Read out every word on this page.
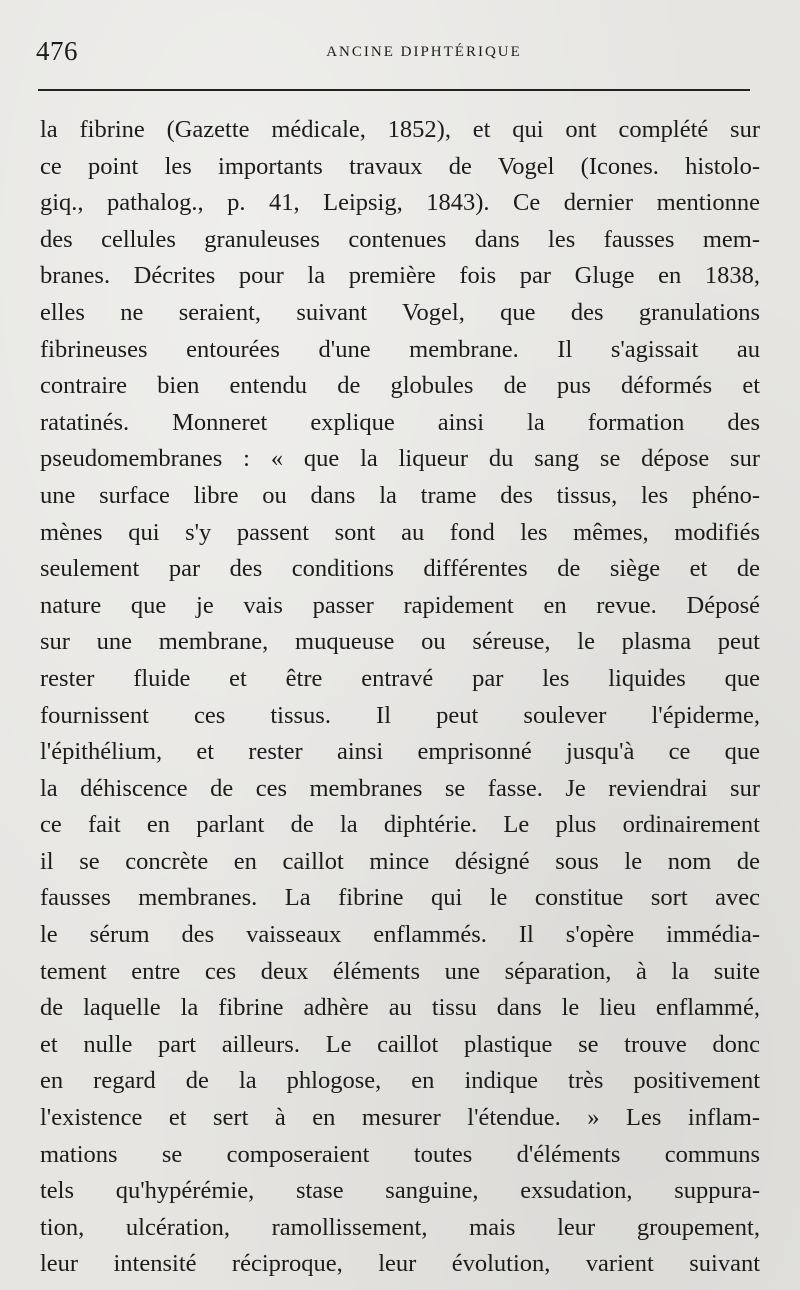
476	ANCINE DIPHTÉRIQUE
la fibrine (Gazette médicale, 1852), et qui ont complété sur
ce point les importants travaux de Vogel (Icones. histolo-
giq., pathalog., p. 41, Leipsig, 1843). Ce dernier mentionne
des cellules granuleuses contenues dans les fausses mem-
branes. Décrites pour la première fois par Gluge en 1838,
elles ne seraient, suivant Vogel, que des granulations
fibrineuses entourées d'une membrane. Il s'agissait au
contraire bien entendu de globules de pus déformés et
ratatinés. Monneret explique ainsi la formation des
pseudomembranes : « que la liqueur du sang se dépose sur
une surface libre ou dans la trame des tissus, les phéno-
mènes qui s'y passent sont au fond les mêmes, modifiés
seulement par des conditions différentes de siège et de
nature que je vais passer rapidement en revue. Déposé
sur une membrane, muqueuse ou séreuse, le plasma peut
rester fluide et être entravé par les liquides que
fournissent ces tissus. Il peut soulever l'épiderme,
l'épithélium, et rester ainsi emprisonné jusqu'à ce que
la déhiscence de ces membranes se fasse. Je reviendrai sur
ce fait en parlant de la diphtérie. Le plus ordinairement
il se concrète en caillot mince désigné sous le nom de
fausses membranes. La fibrine qui le constitue sort avec
le sérum des vaisseaux enflammés. Il s'opère immédia-
tement entre ces deux éléments une séparation, à la suite
de laquelle la fibrine adhère au tissu dans le lieu enflammé,
et nulle part ailleurs. Le caillot plastique se trouve donc
en regard de la phlogose, en indique très positivement
l'existence et sert à en mesurer l'étendue. » Les inflam-
mations se composeraient toutes d'éléments communs
tels qu'hypérémie, stase sanguine, exsudation, suppura-
tion, ulcération, ramollissement, mais leur groupement,
leur intensité réciproque, leur évolution, varient suivant
